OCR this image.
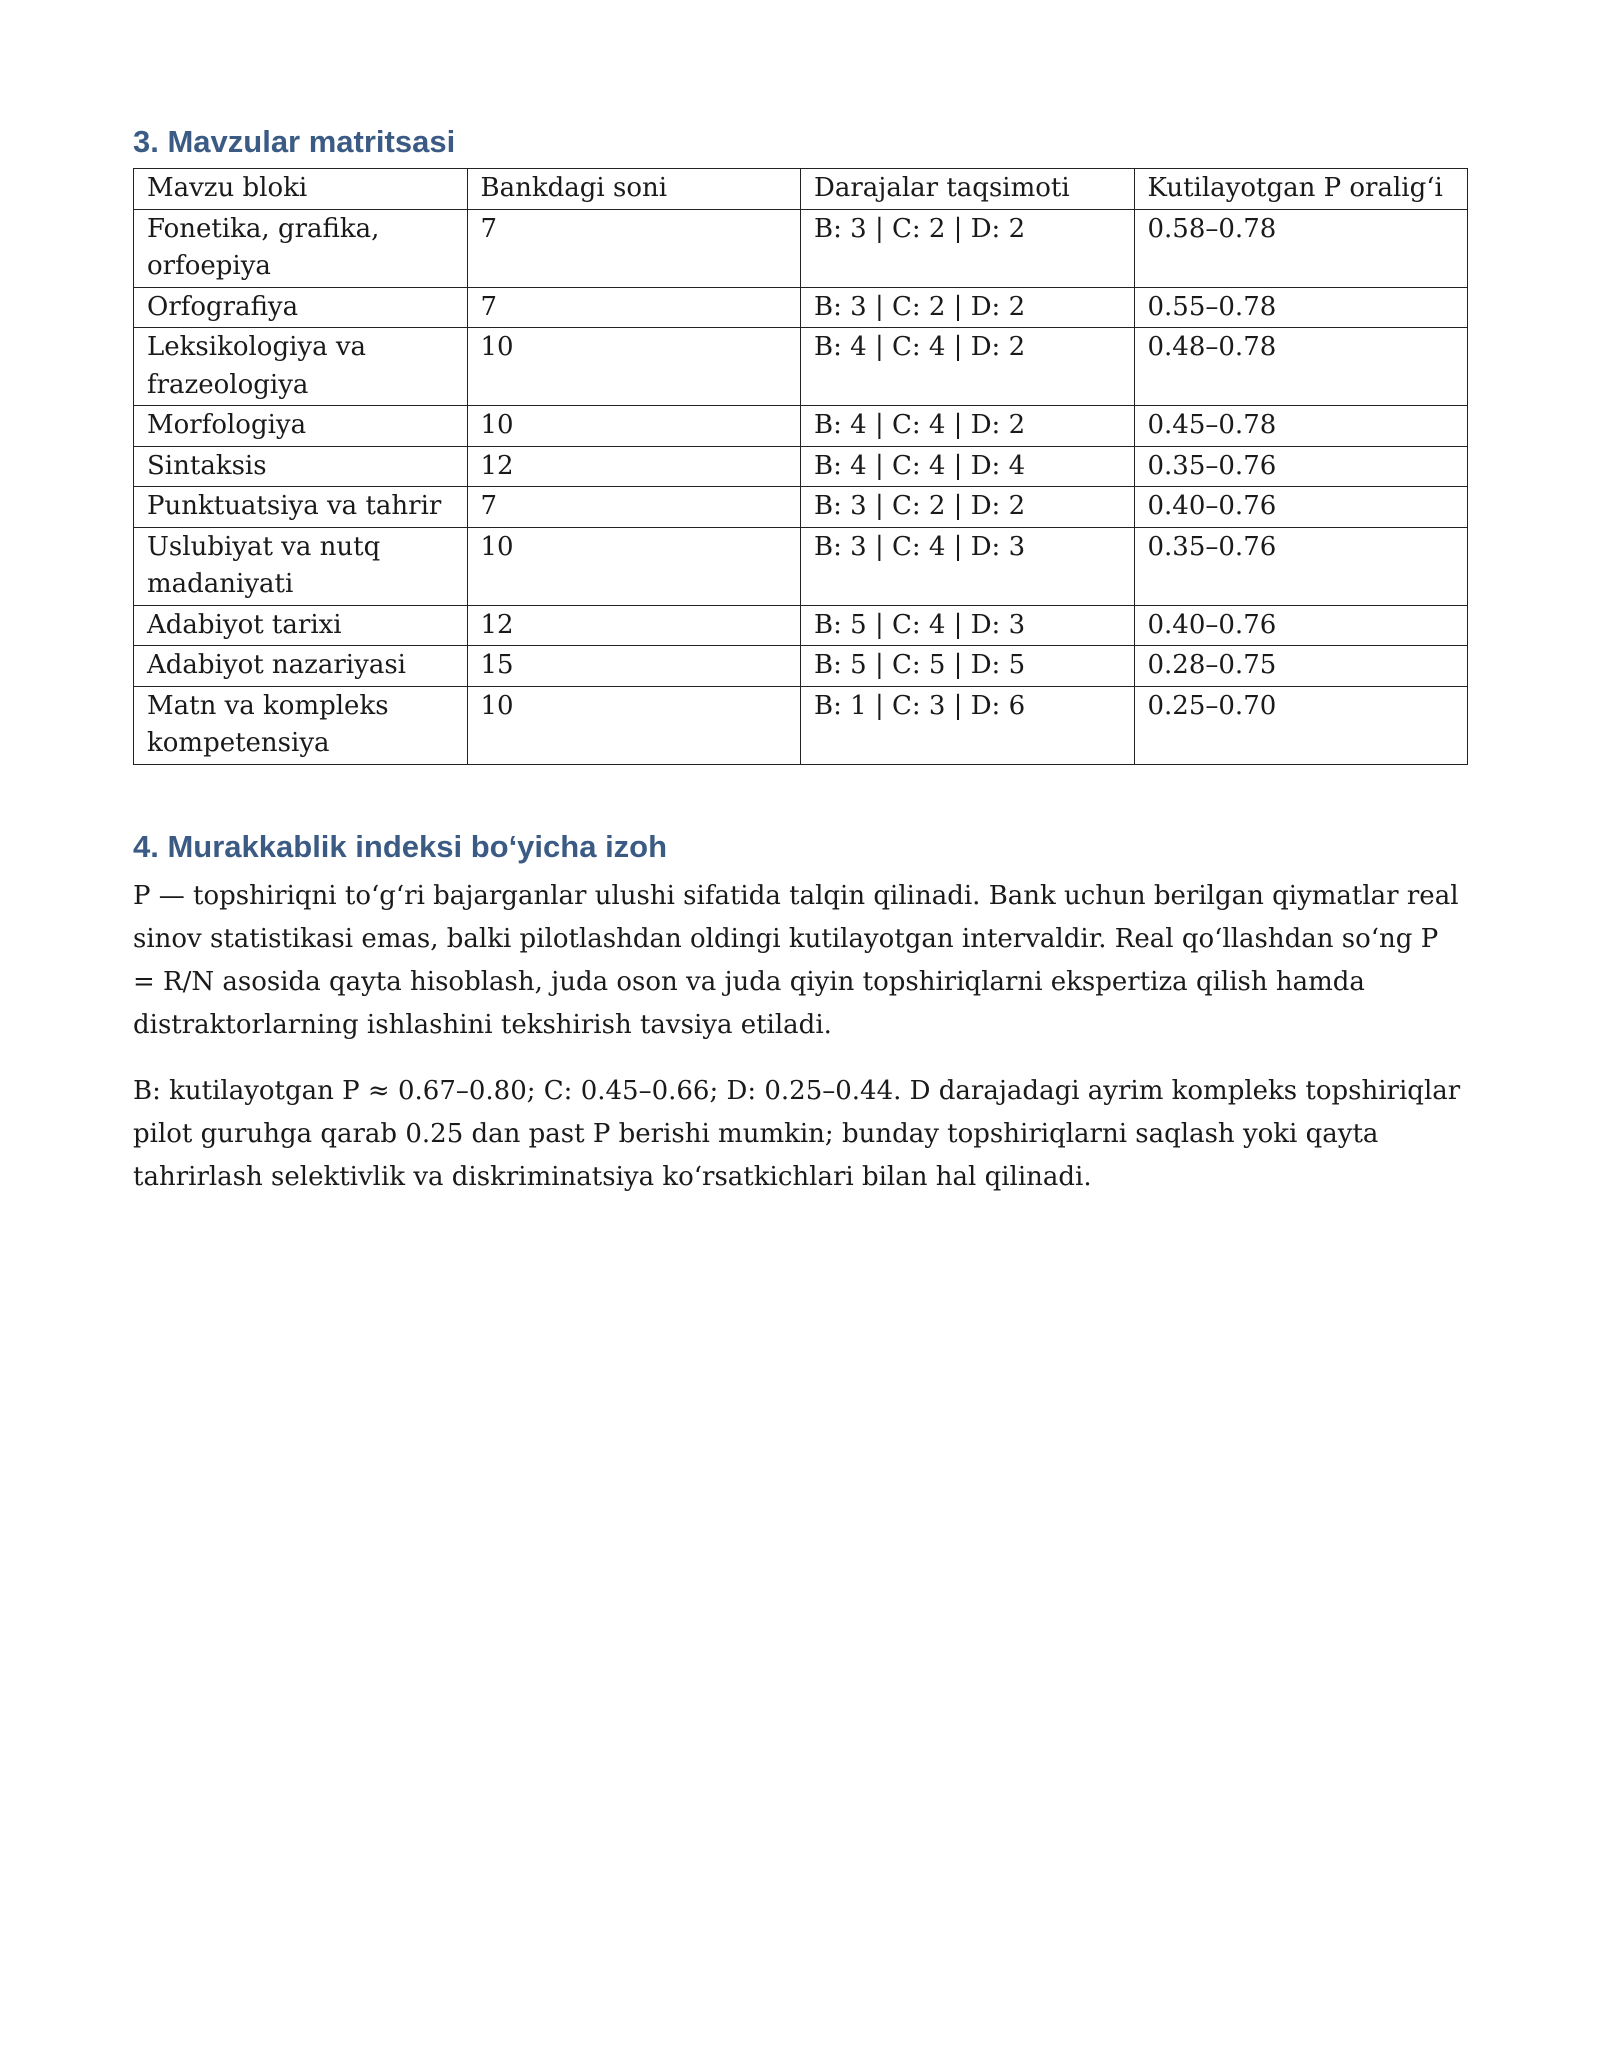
3. Mavzular matritsasi
Mavzu bloki	Bankdagi soni	Darajalar taqsimoti	Kutilayotgan P oralig‘i
Fonetika, grafika, orfoepiya	7	B: 3 | C: 2 | D: 2	0.58–0.78
Orfografiya	7	B: 3 | C: 2 | D: 2	0.55–0.78
Leksikologiya va frazeologiya	10	B: 4 | C: 4 | D: 2	0.48–0.78
Morfologiya	10	B: 4 | C: 4 | D: 2	0.45–0.78
Sintaksis	12	B: 4 | C: 4 | D: 4	0.35–0.76
Punktuatsiya va tahrir	7	B: 3 | C: 2 | D: 2	0.40–0.76
Uslubiyat va nutq madaniyati	10	B: 3 | C: 4 | D: 3	0.35–0.76
Adabiyot tarixi	12	B: 5 | C: 4 | D: 3	0.40–0.76
Adabiyot nazariyasi	15	B: 5 | C: 5 | D: 5	0.28–0.75
Matn va kompleks kompetensiya	10	B: 1 | C: 3 | D: 6	0.25–0.70
4. Murakkablik indeksi bo‘yicha izoh

P — topshiriqni to‘g‘ri bajarganlar ulushi sifatida talqin qilinadi. Bank uchun berilgan qiymatlar real sinov statistikasi emas, balki pilotlashdan oldingi kutilayotgan intervaldir. Real qo‘llashdan so‘ng P = R/N asosida qayta hisoblash, juda oson va juda qiyin topshiriqlarni ekspertiza qilish hamda distraktorlarning ishlashini tekshirish tavsiya etiladi.

B: kutilayotgan P ≈ 0.67–0.80; C: 0.45–0.66; D: 0.25–0.44. D darajadagi ayrim kompleks topshiriqlar pilot guruhga qarab 0.25 dan past P berishi mumkin; bunday topshiriqlarni saqlash yoki qayta tahrirlash selektivlik va diskriminatsiya ko‘rsatkichlari bilan hal qilinadi.
